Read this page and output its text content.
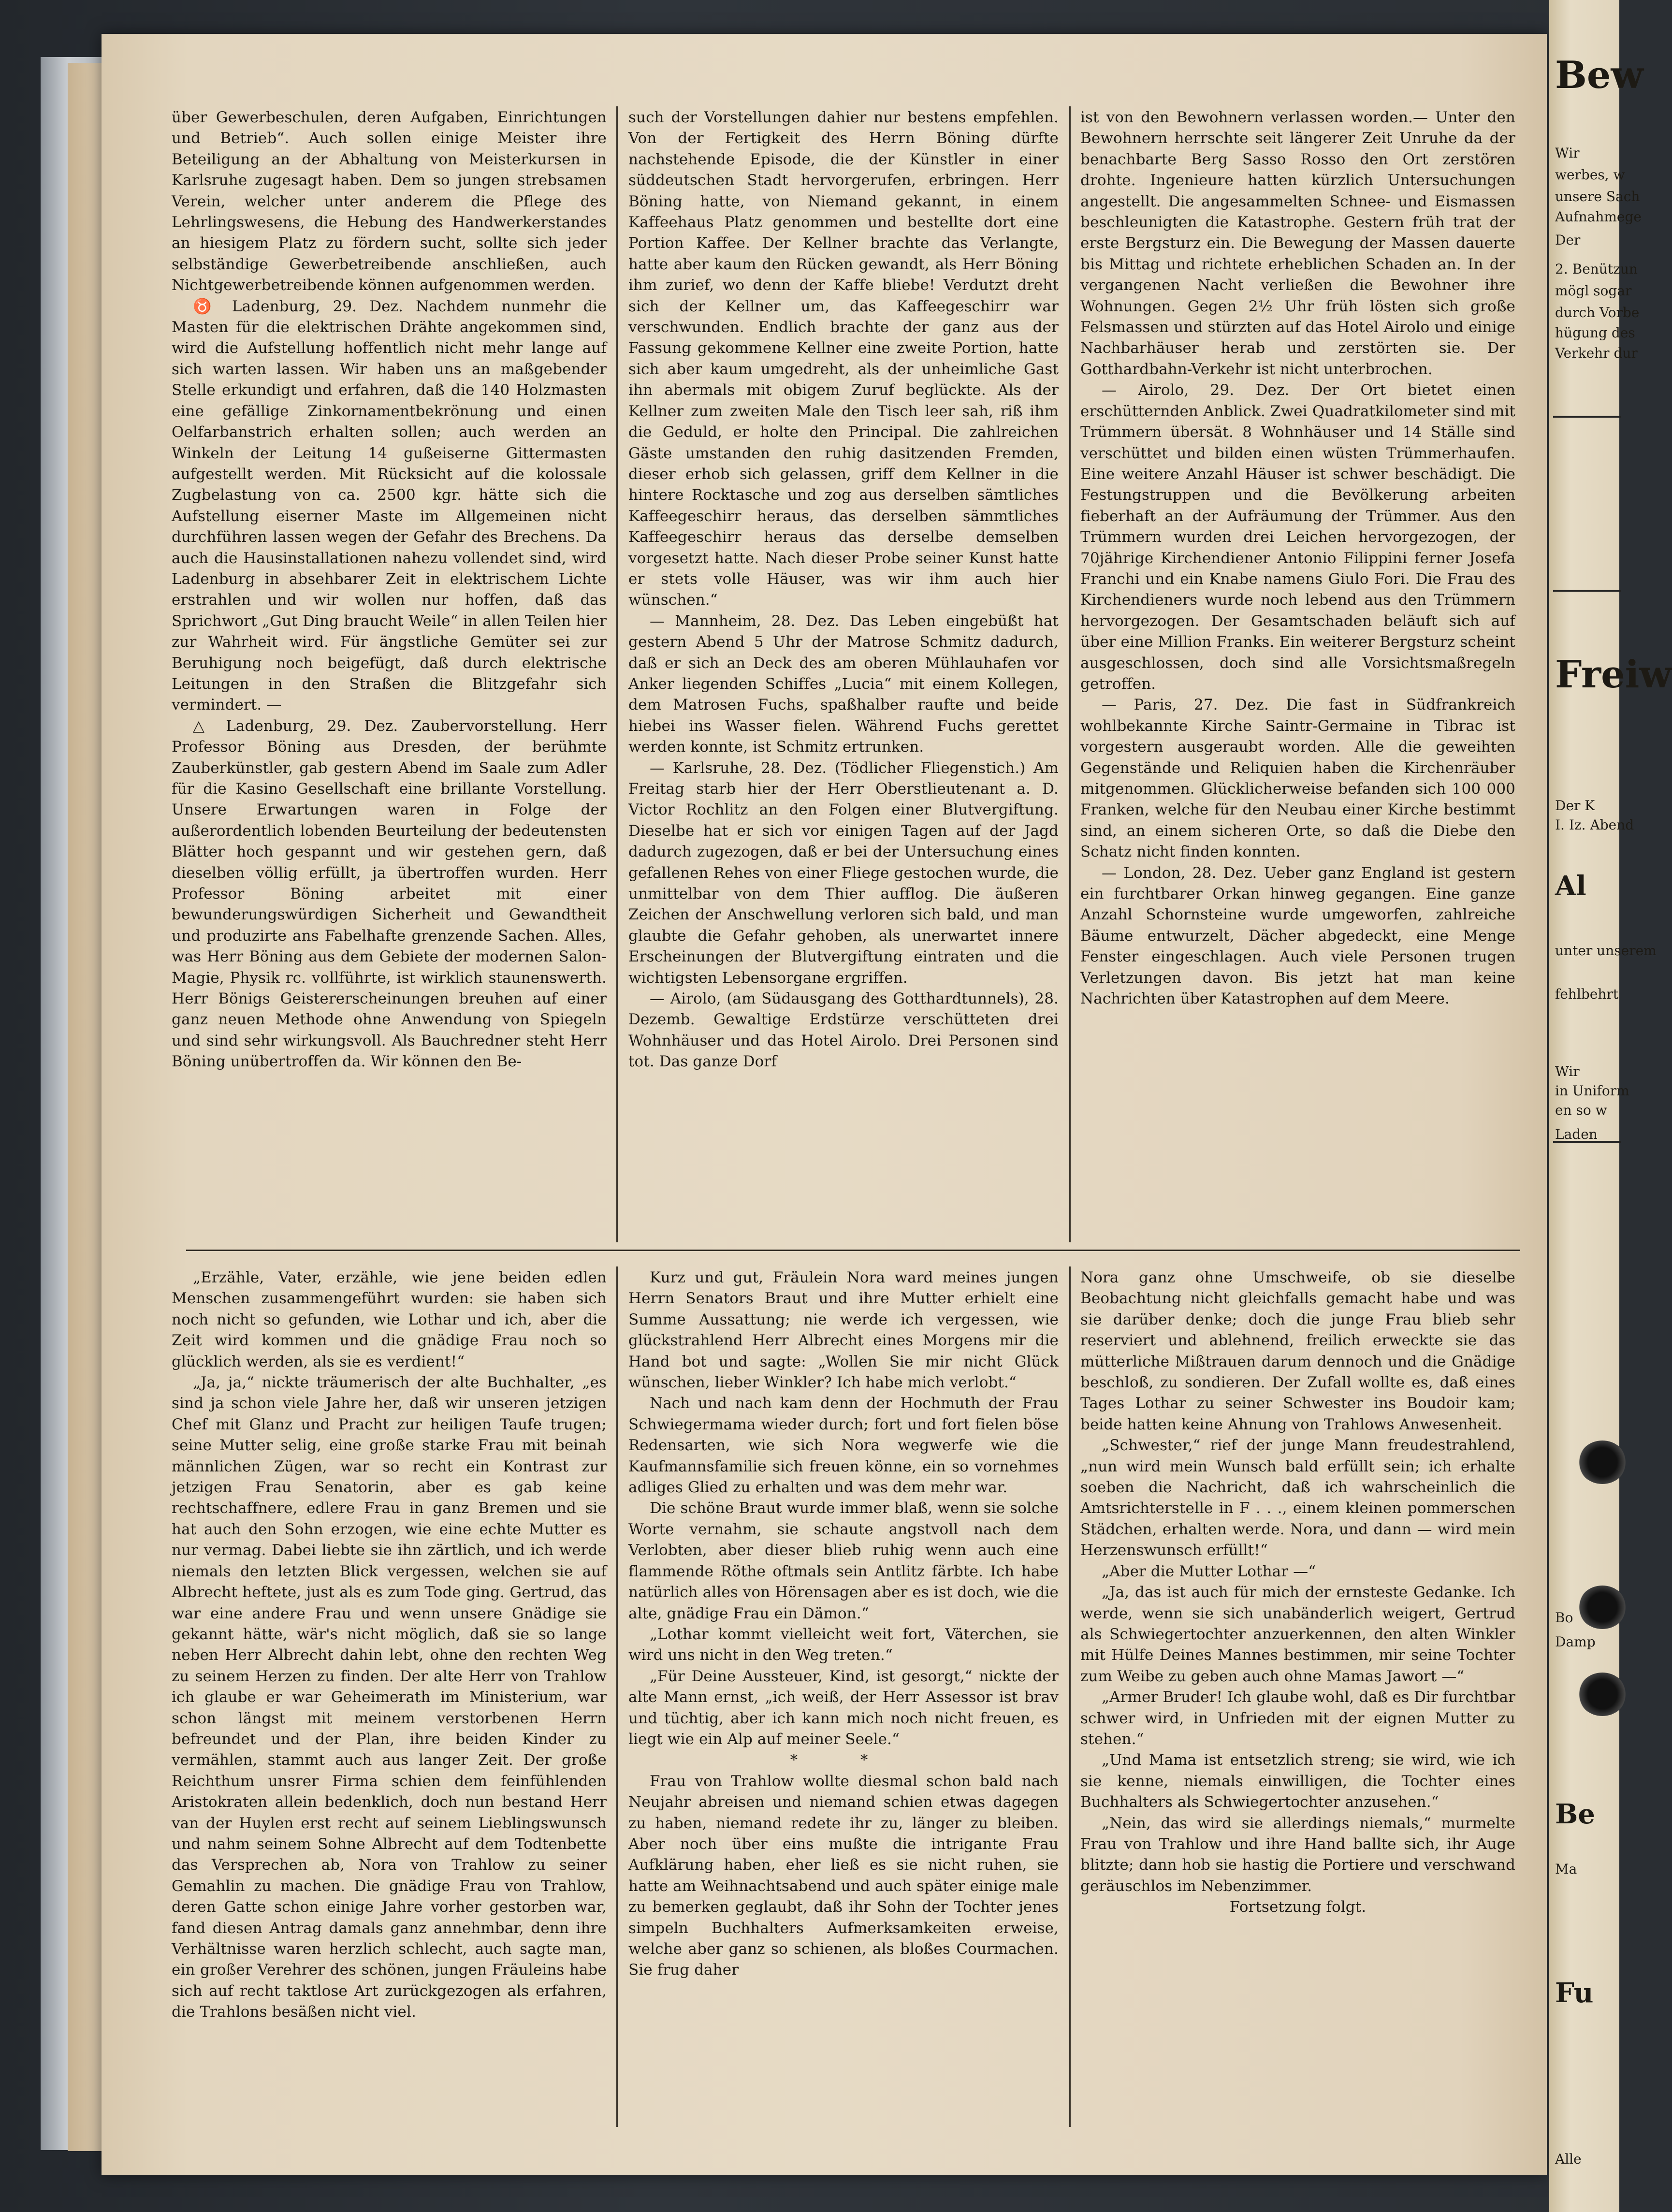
über Gewerbeschulen, deren Aufgaben, Einrichtungen und Betrieb“. Auch sollen einige Meister ihre Beteiligung an der Abhaltung von Meisterkursen in Karlsruhe zugesagt haben. Dem so jungen strebsamen Verein, welcher unter anderem die Pflege des Lehrlingswesens, die Hebung des Handwerkerstandes an hiesigem Platz zu fördern sucht, sollte sich jeder selbständige Gewerbetreibende anschließen, auch Nichtgewerbetreibende können aufgenommen werden.

♉ Ladenburg, 29. Dez. Nachdem nunmehr die Masten für die elektrischen Drähte angekommen sind, wird die Aufstellung hoffentlich nicht mehr lange auf sich warten lassen. Wir haben uns an maßgebender Stelle erkundigt und erfahren, daß die 140 Holzmasten eine gefällige Zinkornamentbekrönung und einen Oelfarbanstrich erhalten sollen; auch werden an Winkeln der Leitung 14 gußeiserne Gittermasten aufgestellt werden. Mit Rücksicht auf die kolossale Zugbelastung von ca. 2500 kgr. hätte sich die Aufstellung eiserner Maste im Allgemeinen nicht durchführen lassen wegen der Gefahr des Brechens. Da auch die Hausinstallationen nahezu vollendet sind, wird Ladenburg in absehbarer Zeit in elektrischem Lichte erstrahlen und wir wollen nur hoffen, daß das Sprichwort „Gut Ding braucht Weile“ in allen Teilen hier zur Wahrheit wird. Für ängstliche Gemüter sei zur Beruhigung noch beigefügt, daß durch elektrische Leitungen in den Straßen die Blitzgefahr sich vermindert. —

△ Ladenburg, 29. Dez. Zaubervorstellung. Herr Professor Böning aus Dresden, der berühmte Zauberkünstler, gab gestern Abend im Saale zum Adler für die Kasino Gesellschaft eine brillante Vorstellung. Unsere Erwartungen waren in Folge der außerordentlich lobenden Beurteilung der bedeutensten Blätter hoch gespannt und wir gestehen gern, daß dieselben völlig erfüllt, ja übertroffen wurden. Herr Professor Böning arbeitet mit einer bewunderungswürdigen Sicherheit und Gewandtheit und produzirte ans Fabelhafte grenzende Sachen. Alles, was Herr Böning aus dem Gebiete der modernen Salon-Magie, Physik rc. vollführte, ist wirklich staunenswerth. Herr Bönigs Geistererscheinungen breuhen auf einer ganz neuen Methode ohne Anwendung von Spiegeln und sind sehr wirkungsvoll. Als Bauchredner steht Herr Böning unübertroffen da. Wir können den Be-

such der Vorstellungen dahier nur bestens empfehlen. Von der Fertigkeit des Herrn Böning dürfte nachstehende Episode, die der Künstler in einer süddeutschen Stadt hervorgerufen, erbringen. Herr Böning hatte, von Niemand gekannt, in einem Kaffeehaus Platz genommen und bestellte dort eine Portion Kaffee. Der Kellner brachte das Verlangte, hatte aber kaum den Rücken gewandt, als Herr Böning ihm zurief, wo denn der Kaffe bliebe! Verdutzt dreht sich der Kellner um, das Kaffeegeschirr war verschwunden. Endlich brachte der ganz aus der Fassung gekommene Kellner eine zweite Portion, hatte sich aber kaum umgedreht, als der unheimliche Gast ihn abermals mit obigem Zuruf beglückte. Als der Kellner zum zweiten Male den Tisch leer sah, riß ihm die Geduld, er holte den Principal. Die zahlreichen Gäste umstanden den ruhig dasitzenden Fremden, dieser erhob sich gelassen, griff dem Kellner in die hintere Rocktasche und zog aus derselben sämtliches Kaffeegeschirr heraus, das derselben sämmtliches Kaffeegeschirr heraus das derselbe demselben vorgesetzt hatte. Nach dieser Probe seiner Kunst hatte er stets volle Häuser, was wir ihm auch hier wünschen.“

— Mannheim, 28. Dez. Das Leben eingebüßt hat gestern Abend 5 Uhr der Matrose Schmitz dadurch, daß er sich an Deck des am oberen Mühlauhafen vor Anker liegenden Schiffes „Lucia“ mit einem Kollegen, dem Matrosen Fuchs, spaßhalber raufte und beide hiebei ins Wasser fielen. Während Fuchs gerettet werden konnte, ist Schmitz ertrunken.

— Karlsruhe, 28. Dez. (Tödlicher Fliegenstich.) Am Freitag starb hier der Herr Oberstlieutenant a. D. Victor Rochlitz an den Folgen einer Blutvergiftung. Dieselbe hat er sich vor einigen Tagen auf der Jagd dadurch zugezogen, daß er bei der Untersuchung eines gefallenen Rehes von einer Fliege gestochen wurde, die unmittelbar von dem Thier aufflog. Die äußeren Zeichen der Anschwellung verloren sich bald, und man glaubte die Gefahr gehoben, als unerwartet innere Erscheinungen der Blutvergiftung eintraten und die wichtigsten Lebensorgane ergriffen.

— Airolo, (am Südausgang des Gotthardtunnels), 28. Dezemb. Gewaltige Erdstürze verschütteten drei Wohnhäuser und das Hotel Airolo. Drei Personen sind tot. Das ganze Dorf

ist von den Bewohnern verlassen worden.— Unter den Bewohnern herrschte seit längerer Zeit Unruhe da der benachbarte Berg Sasso Rosso den Ort zerstören drohte. Ingenieure hatten kürzlich Untersuchungen angestellt. Die angesammelten Schnee- und Eismassen beschleunigten die Katastrophe. Gestern früh trat der erste Bergsturz ein. Die Bewegung der Massen dauerte bis Mittag und richtete erheblichen Schaden an. In der vergangenen Nacht verließen die Bewohner ihre Wohnungen. Gegen 2½ Uhr früh lösten sich große Felsmassen und stürzten auf das Hotel Airolo und einige Nachbarhäuser herab und zerstörten sie. Der Gotthardbahn-Verkehr ist nicht unterbrochen.

— Airolo, 29. Dez. Der Ort bietet einen erschütternden Anblick. Zwei Quadratkilometer sind mit Trümmern übersät. 8 Wohnhäuser und 14 Ställe sind verschüttet und bilden einen wüsten Trümmerhaufen. Eine weitere Anzahl Häuser ist schwer beschädigt. Die Festungstruppen und die Bevölkerung arbeiten fieberhaft an der Aufräumung der Trümmer. Aus den Trümmern wurden drei Leichen hervorgezogen, der 70jährige Kirchendiener Antonio Filippini ferner Josefa Franchi und ein Knabe namens Giulo Fori. Die Frau des Kirchendieners wurde noch lebend aus den Trümmern hervorgezogen. Der Gesamtschaden beläuft sich auf über eine Million Franks. Ein weiterer Bergsturz scheint ausgeschlossen, doch sind alle Vorsichtsmaßregeln getroffen.

— Paris, 27. Dez. Die fast in Südfrankreich wohlbekannte Kirche Saintr-Germaine in Tibrac ist vorgestern ausgeraubt worden. Alle die geweihten Gegenstände und Reliquien haben die Kirchenräuber mitgenommen. Glücklicherweise befanden sich 100 000 Franken, welche für den Neubau einer Kirche bestimmt sind, an einem sicheren Orte, so daß die Diebe den Schatz nicht finden konnten.

— London, 28. Dez. Ueber ganz England ist gestern ein furchtbarer Orkan hinweg gegangen. Eine ganze Anzahl Schornsteine wurde umgeworfen, zahlreiche Bäume entwurzelt, Dächer abgedeckt, eine Menge Fenster eingeschlagen. Auch viele Personen trugen Verletzungen davon. Bis jetzt hat man keine Nachrichten über Katastrophen auf dem Meere.

„Erzähle, Vater, erzähle, wie jene beiden edlen Menschen zusammengeführt wurden: sie haben sich noch nicht so gefunden, wie Lothar und ich, aber die Zeit wird kommen und die gnädige Frau noch so glücklich werden, als sie es verdient!“

„Ja, ja,“ nickte träumerisch der alte Buchhalter, „es sind ja schon viele Jahre her, daß wir unseren jetzigen Chef mit Glanz und Pracht zur heiligen Taufe trugen; seine Mutter selig, eine große starke Frau mit beinah männlichen Zügen, war so recht ein Kontrast zur jetzigen Frau Senatorin, aber es gab keine rechtschaffnere, edlere Frau in ganz Bremen und sie hat auch den Sohn erzogen, wie eine echte Mutter es nur vermag. Dabei liebte sie ihn zärtlich, und ich werde niemals den letzten Blick vergessen, welchen sie auf Albrecht heftete, just als es zum Tode ging. Gertrud, das war eine andere Frau und wenn unsere Gnädige sie gekannt hätte, wär's nicht möglich, daß sie so lange neben Herr Albrecht dahin lebt, ohne den rechten Weg zu seinem Herzen zu finden. Der alte Herr von Trahlow ich glaube er war Geheimerath im Ministerium, war schon längst mit meinem verstorbenen Herrn befreundet und der Plan, ihre beiden Kinder zu vermählen, stammt auch aus langer Zeit. Der große Reichthum unsrer Firma schien dem feinfühlenden Aristokraten allein bedenklich, doch nun bestand Herr van der Huylen erst recht auf seinem Lieblingswunsch und nahm seinem Sohne Albrecht auf dem Todtenbette das Versprechen ab, Nora von Trahlow zu seiner Gemahlin zu machen. Die gnädige Frau von Trahlow, deren Gatte schon einige Jahre vorher gestorben war, fand diesen Antrag damals ganz annehmbar, denn ihre Verhältnisse waren herzlich schlecht, auch sagte man, ein großer Verehrer des schönen, jungen Fräuleins habe sich auf recht taktlose Art zurückgezogen als erfahren, die Trahlons besäßen nicht viel.

Kurz und gut, Fräulein Nora ward meines jungen Herrn Senators Braut und ihre Mutter erhielt eine Summe Aussattung; nie werde ich vergessen, wie glückstrahlend Herr Albrecht eines Morgens mir die Hand bot und sagte: „Wollen Sie mir nicht Glück wünschen, lieber Winkler? Ich habe mich verlobt.“

Nach und nach kam denn der Hochmuth der Frau Schwiegermama wieder durch; fort und fort fielen böse Redensarten, wie sich Nora wegwerfe wie die Kaufmannsfamilie sich freuen könne, ein so vornehmes adliges Glied zu erhalten und was dem mehr war.

Die schöne Braut wurde immer blaß, wenn sie solche Worte vernahm, sie schaute angstvoll nach dem Verlobten, aber dieser blieb ruhig wenn auch eine flammende Röthe oftmals sein Antlitz färbte. Ich habe natürlich alles von Hörensagen aber es ist doch, wie die alte, gnädige Frau ein Dämon.“

„Lothar kommt vielleicht weit fort, Väterchen, sie wird uns nicht in den Weg treten.“

„Für Deine Aussteuer, Kind, ist gesorgt,“ nickte der alte Mann ernst, „ich weiß, der Herr Assessor ist brav und tüchtig, aber ich kann mich noch nicht freuen, es liegt wie ein Alp auf meiner Seele.“

* *

Frau von Trahlow wollte diesmal schon bald nach Neujahr abreisen und niemand schien etwas dagegen zu haben, niemand redete ihr zu, länger zu bleiben. Aber noch über eins mußte die intrigante Frau Aufklärung haben, eher ließ es sie nicht ruhen, sie hatte am Weihnachtsabend und auch später einige male zu bemerken geglaubt, daß ihr Sohn der Tochter jenes simpeln Buchhalters Aufmerksamkeiten erweise, welche aber ganz so schienen, als bloßes Courmachen. Sie frug daher

Nora ganz ohne Umschweife, ob sie dieselbe Beobachtung nicht gleichfalls gemacht habe und was sie darüber denke; doch die junge Frau blieb sehr reserviert und ablehnend, freilich erweckte sie das mütterliche Mißtrauen darum dennoch und die Gnädige beschloß, zu sondieren. Der Zufall wollte es, daß eines Tages Lothar zu seiner Schwester ins Boudoir kam; beide hatten keine Ahnung von Trahlows Anwesenheit.

„Schwester,“ rief der junge Mann freudestrahlend, „nun wird mein Wunsch bald erfüllt sein; ich erhalte soeben die Nachricht, daß ich wahrscheinlich die Amtsrichterstelle in F . . ., einem kleinen pommerschen Städchen, erhalten werde. Nora, und dann — wird mein Herzenswunsch erfüllt!“

„Aber die Mutter Lothar —“

„Ja, das ist auch für mich der ernsteste Gedanke. Ich werde, wenn sie sich unabänderlich weigert, Gertrud als Schwiegertochter anzuerkennen, den alten Winkler mit Hülfe Deines Mannes bestimmen, mir seine Tochter zum Weibe zu geben auch ohne Mamas Jawort —“

„Armer Bruder! Ich glaube wohl, daß es Dir furchtbar schwer wird, in Unfrieden mit der eignen Mutter zu stehen.“

„Und Mama ist entsetzlich streng; sie wird, wie ich sie kenne, niemals einwilligen, die Tochter eines Buchhalters als Schwiegertochter anzusehen.“

„Nein, das wird sie allerdings niemals,“ murmelte Frau von Trahlow und ihre Hand ballte sich, ihr Auge blitzte; dann hob sie hastig die Portiere und verschwand geräuschlos im Nebenzimmer.

Fortsetzung folgt.

Bew
Wir
werbes, w
unsere Sach
Aufnahmege
Der
2. Benützun
mögl sogar
durch Vorbe
hügung des
Verkehr dur
Freiw
Der K
I. Iz. Abend
Al
unter unserem
fehlbehrt
Wir
in Uniform
en so w
Laden
Bo
Damp
Be
Fu
Alle
Ma
